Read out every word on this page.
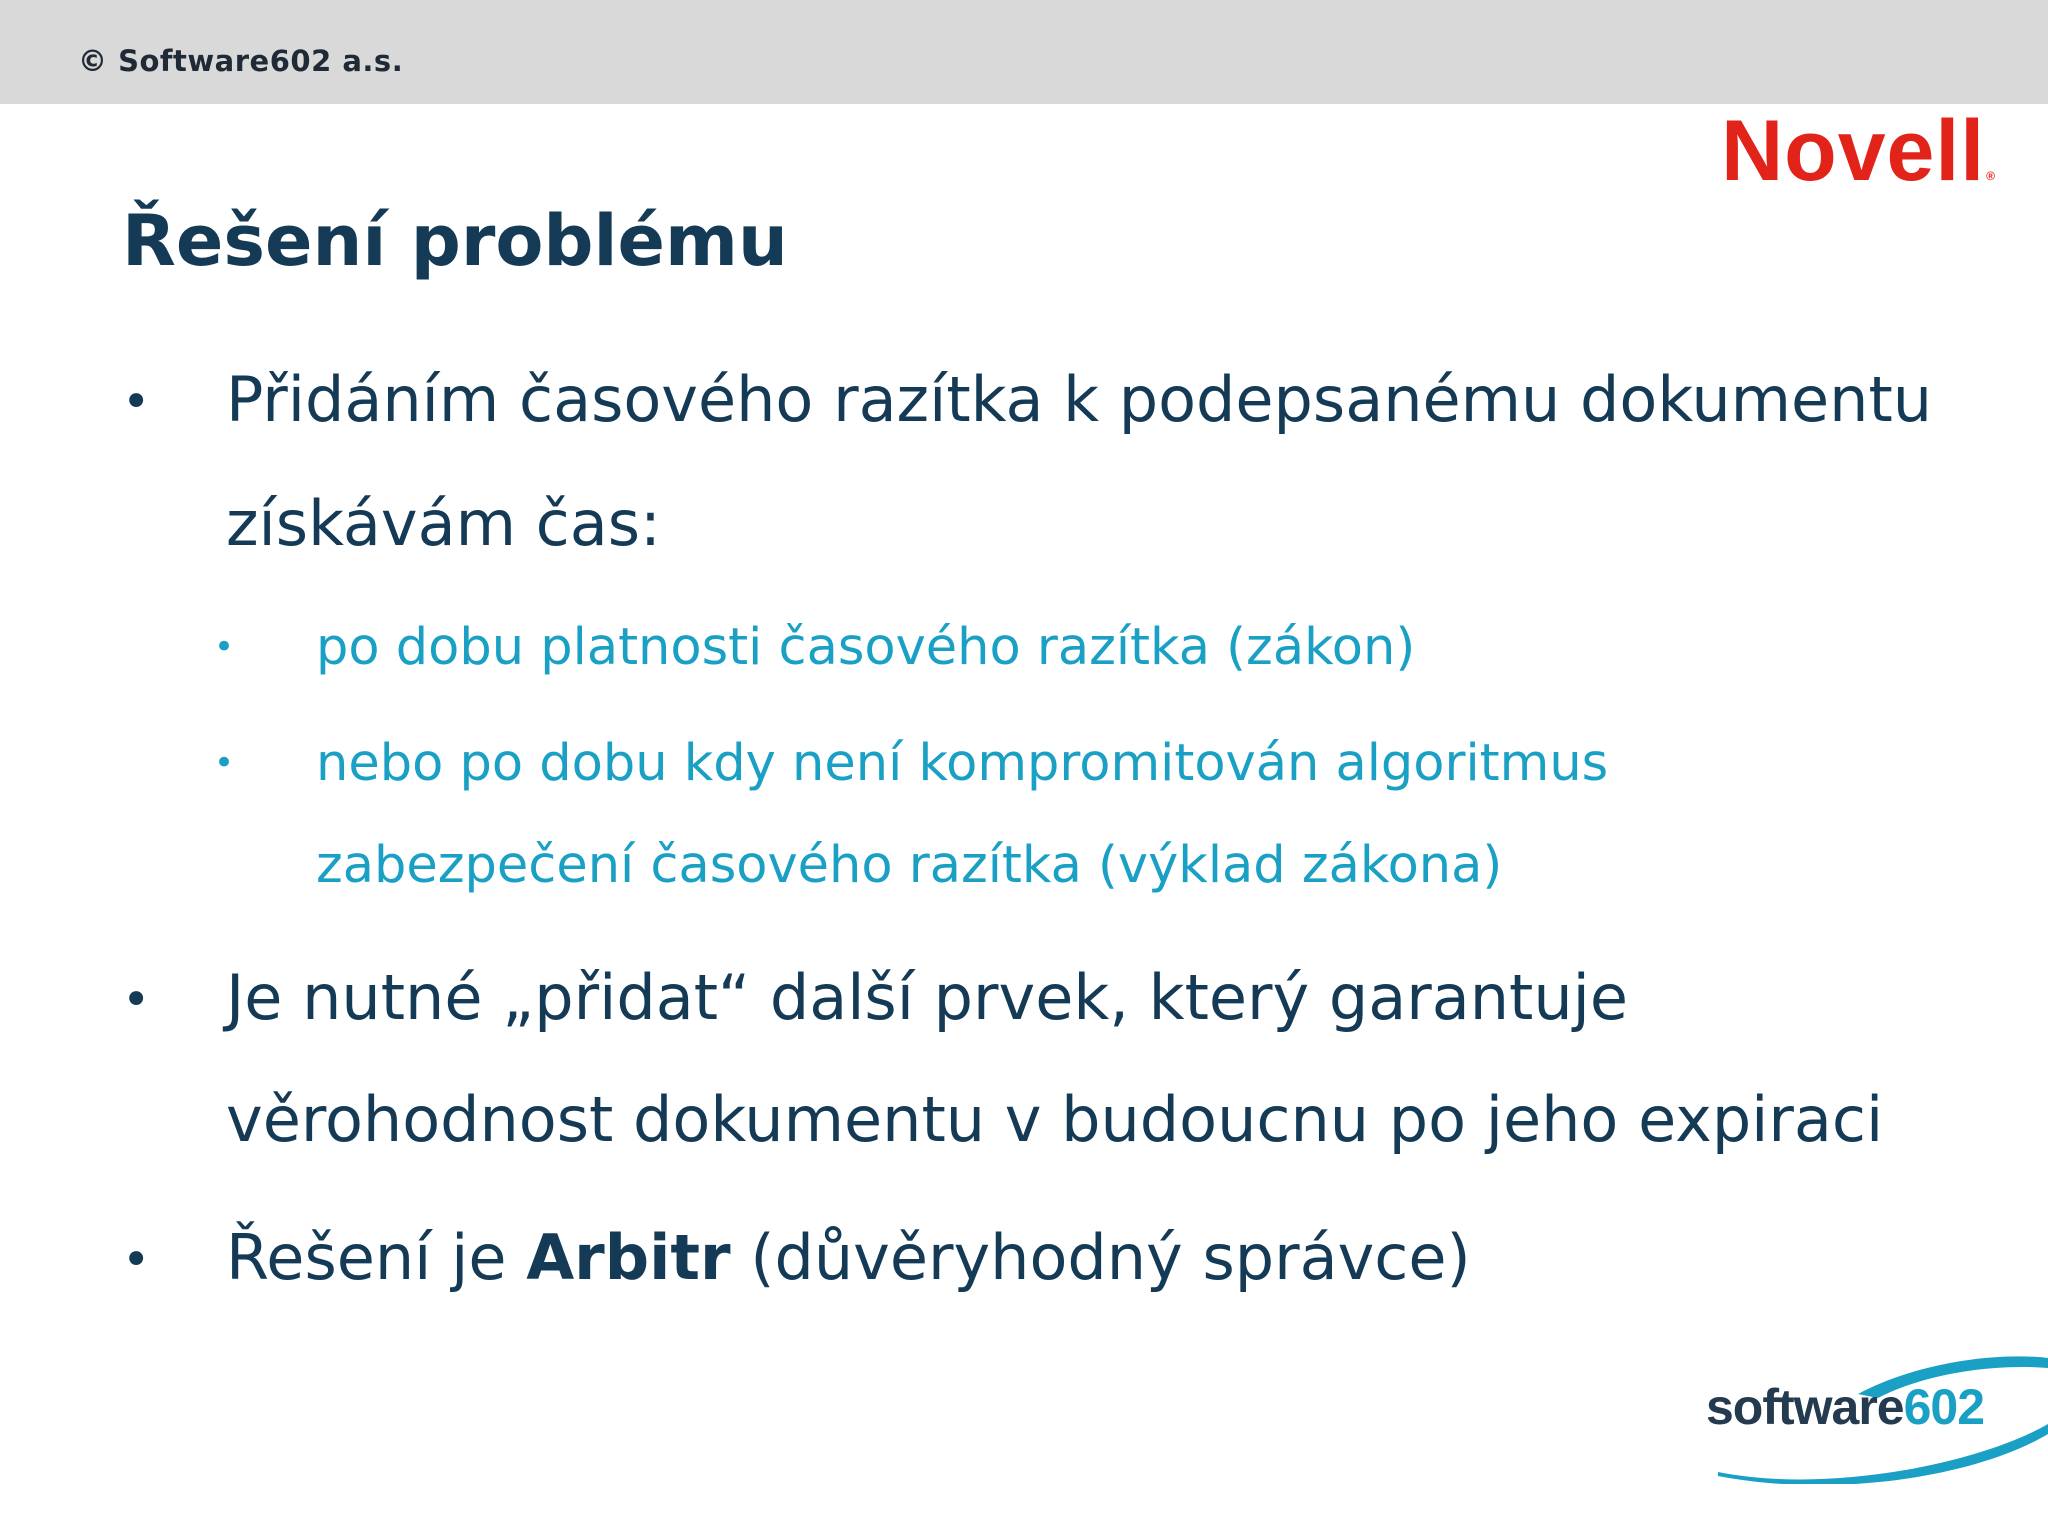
© Software602 a.s.
Novell®
Řešení problému
• Přidáním časového razítka k podepsanému dokumentu
získávám čas:
• po dobu platnosti časového razítka (zákon)
• nebo po dobu kdy není kompromitován algoritmus
zabezpečení časového razítka (výklad zákona)
• Je nutné „přidat“ další prvek, který garantuje
věrohodnost dokumentu v budoucnu po jeho expiraci
• Řešení je Arbitr (důvěryhodný správce)
software602
